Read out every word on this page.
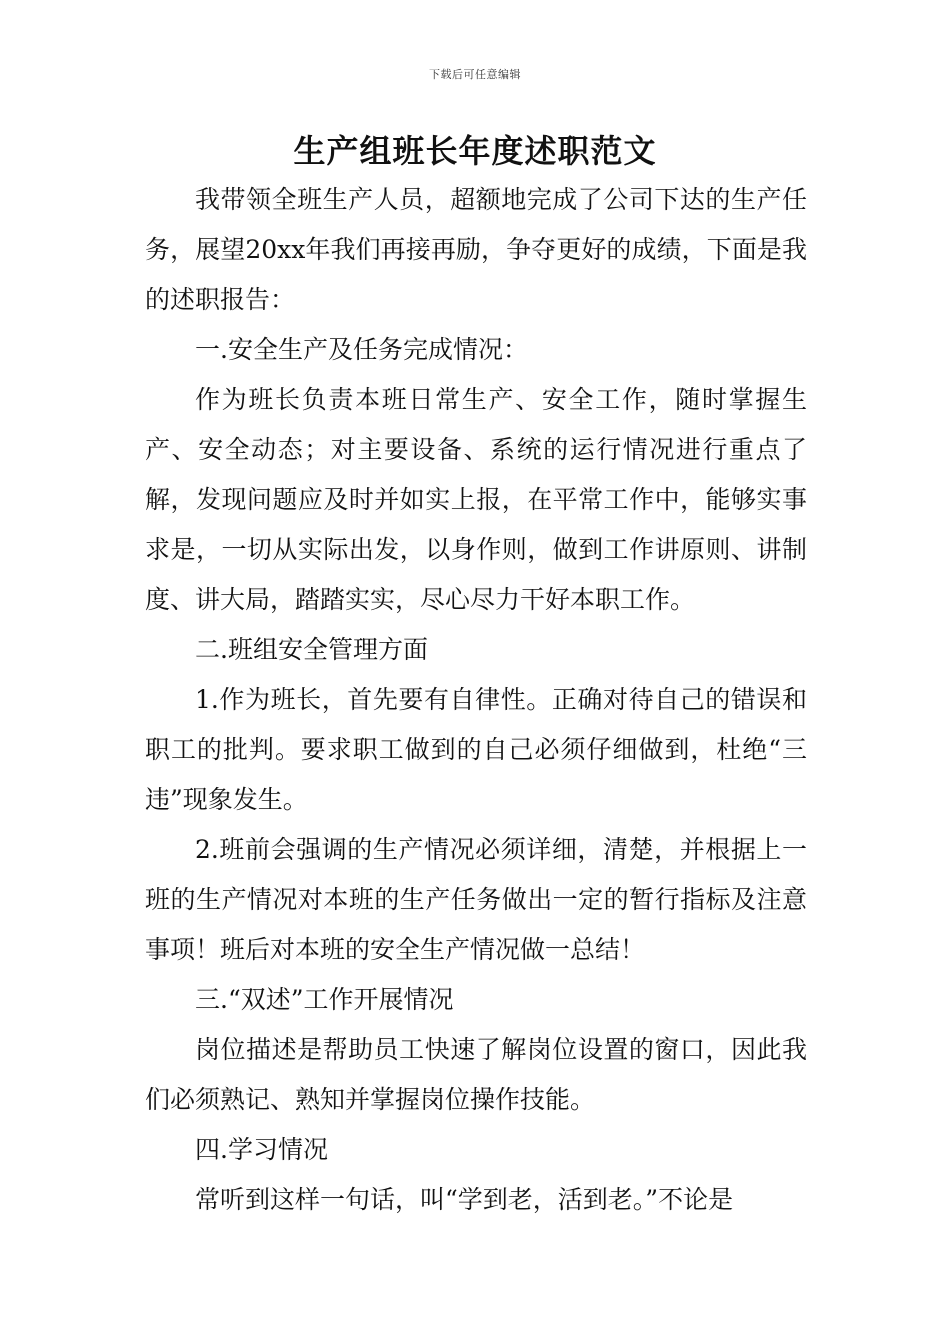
下载后可任意编辑
生产组班长年度述职范文

我带领全班生产人员，超额地完成了公司下达的生产任务，展望20xx年我们再接再励，争夺更好的成绩，下面是我的述职报告：

一.安全生产及任务完成情况：

作为班长负责本班日常生产、安全工作，随时掌握生产、安全动态；对主要设备、系统的运行情况进行重点了解，发现问题应及时并如实上报，在平常工作中，能够实事求是，一切从实际出发，以身作则，做到工作讲原则、讲制度、讲大局，踏踏实实，尽心尽力干好本职工作。

二.班组安全管理方面

1.作为班长，首先要有自律性。正确对待自己的错误和职工的批判。要求职工做到的自己必须仔细做到，杜绝“三违”现象发生。

2.班前会强调的生产情况必须详细，清楚，并根据上一班的生产情况对本班的生产任务做出一定的暂行指标及注意事项！班后对本班的安全生产情况做一总结！

三.“双述”工作开展情况

岗位描述是帮助员工快速了解岗位设置的窗口，因此我们必须熟记、熟知并掌握岗位操作技能。

四.学习情况

常听到这样一句话，叫“学到老，活到老。”不论是
